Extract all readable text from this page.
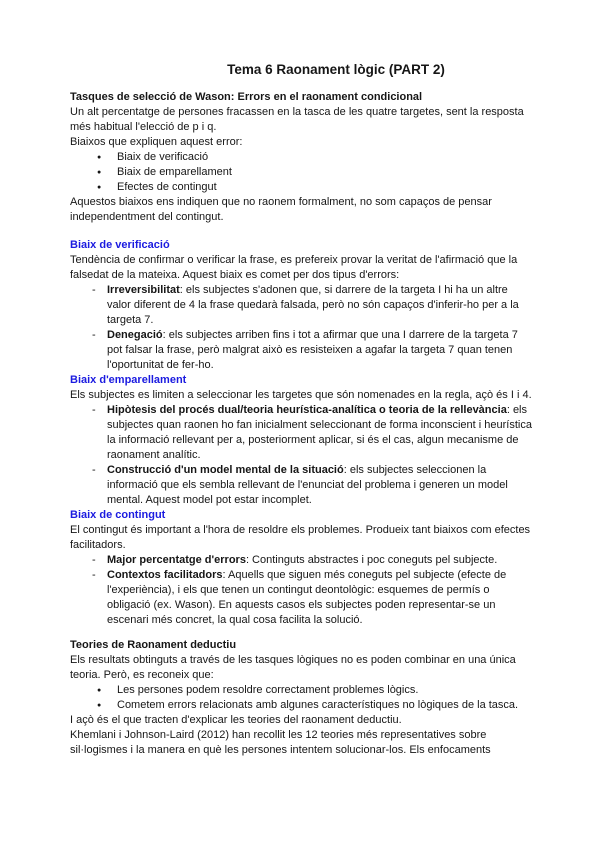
Tema 6 Raonament lògic (PART 2)
Tasques de selecció de Wason: Errors en el raonament condicional

Un alt percentatge de persones fracassen en la tasca de les quatre targetes, sent la resposta més habitual l'elecció de p i q.

Biaixos que expliquen aquest error:

● Biaix de verificació
● Biaix de emparellament
● Efectes de contingut

Aquestos biaixos ens indiquen que no raonem formalment, no som capaços de pensar independentment del contingut.

Biaix de verificació

Tendència de confirmar o verificar la frase, es prefereix provar la veritat de l'afirmació que la falsedat de la mateixa. Aquest biaix es comet per dos tipus d'errors:

- Irreversibilitat: els subjectes s'adonen que, si darrere de la targeta I hi ha un altre valor diferent de 4 la frase quedarà falsada, però no són capaços d'inferir-ho per a la targeta 7.
- Denegació: els subjectes arriben fins i tot a afirmar que una I darrere de la targeta 7 pot falsar la frase, però malgrat això es resisteixen a agafar la targeta 7 quan tenen l'oportunitat de fer-ho.
Biaix d'emparellament

Els subjectes es limiten a seleccionar les targetes que són nomenades en la regla, açò és I i 4.

- Hipòtesis del procés dual/teoria heurística-analítica o teoria de la rellevància: els subjectes quan raonen ho fan inicialment seleccionant de forma inconscient i heurística la informació rellevant per a, posteriorment aplicar, si és el cas, algun mecanisme de raonament analític.
- Construcció d'un model mental de la situació: els subjectes seleccionen la informació que els sembla rellevant de l'enunciat del problema i generen un model mental. Aquest model pot estar incomplet.
Biaix de contingut

El contingut és important a l'hora de resoldre els problemes. Produeix tant biaixos com efectes facilitadors.

- Major percentatge d'errors: Continguts abstractes i poc coneguts pel subjecte.
- Contextos facilitadors: Aquells que siguen més coneguts pel subjecte (efecte de l'experiència), i els que tenen un contingut deontològic: esquemes de permís o obligació (ex. Wason). En aquests casos els subjectes poden representar-se un escenari més concret, la qual cosa facilita la solució.
Teories de Raonament deductiu

Els resultats obtinguts a través de les tasques lògiques no es poden combinar en una única teoria. Però, es reconeix que:

● Les persones podem resoldre correctament problemes lògics.
● Cometem errors relacionats amb algunes característiques no lògiques de la tasca.

I açò és el que tracten d'explicar les teories del raonament deductiu.

Khemlani i Johnson-Laird (2012) han recollit les 12 teories més representatives sobre sil·logismes i la manera en què les persones intentem solucionar-los. Els enfocaments
